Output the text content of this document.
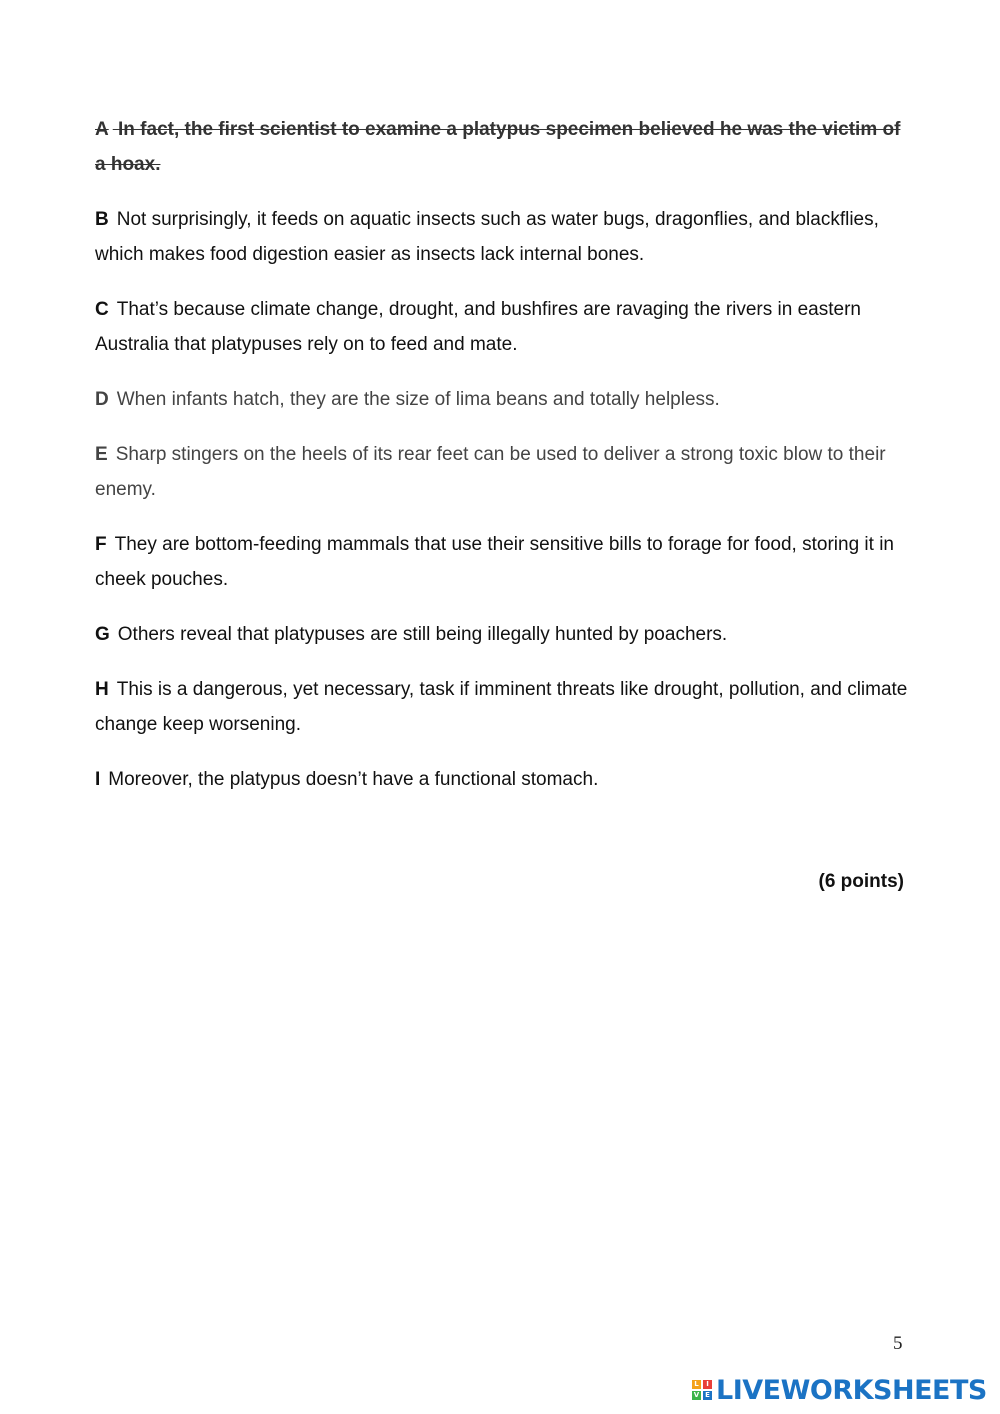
A In fact, the first scientist to examine a platypus specimen believed he was the victim of a hoax.

B Not surprisingly, it feeds on aquatic insects such as water bugs, dragonflies, and blackflies, which makes food digestion easier as insects lack internal bones.

C That’s because climate change, drought, and bushfires are ravaging the rivers in eastern Australia that platypuses rely on to feed and mate.

D When infants hatch, they are the size of lima beans and totally helpless.

E Sharp stingers on the heels of its rear feet can be used to deliver a strong toxic blow to their enemy.

F They are bottom-feeding mammals that use their sensitive bills to forage for food, storing it in cheek pouches.

G Others reveal that platypuses are still being illegally hunted by poachers.

H This is a dangerous, yet necessary, task if imminent threats like drought, pollution, and climate change keep worsening.

I Moreover, the platypus doesn’t have a functional stomach.

(6 points)
5
L	I
V E LIVEWORKSHEETS
